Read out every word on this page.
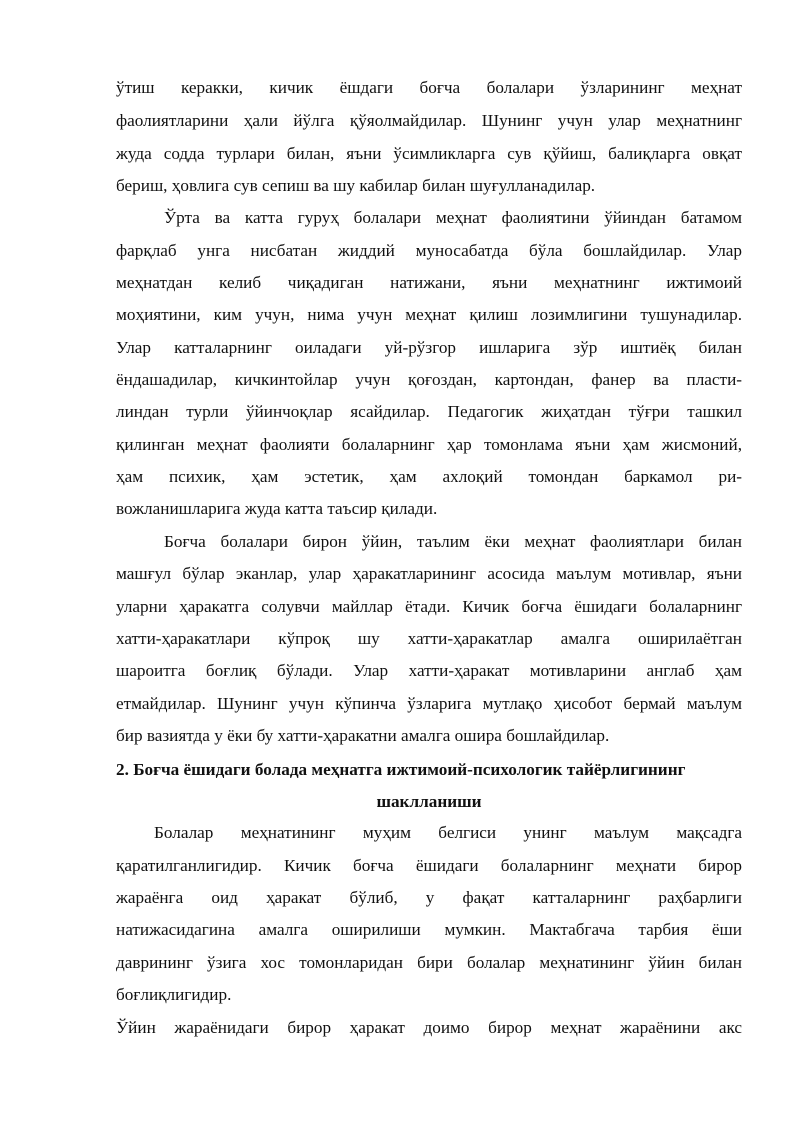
ўтиш керакки, кичик ёшдаги боғча болалари ўзларининг меҳнат
фаолиятларини ҳали йўлга қўяолмайдилар. Шунинг учун улар меҳнатнинг
жуда содда турлари билан, яъни ўсимликларга сув қўйиш, балиқларга овқат
бериш, ҳовлига сув сепиш ва шу кабилар билан шуғулланадилар.
Ўрта ва катта гуруҳ болалари меҳнат фаолиятини ўйиндан батамом
фарқлаб унга нисбатан жиддий муносабатда бўла бошлайдилар. Улар
меҳнатдан келиб чиқадиган натижани, яъни меҳнатнинг ижтимоий
моҳиятини, ким учун, нима учун меҳнат қилиш лозимлигини тушунадилар.
Улар катталарнинг оиладаги уй-рўзгор ишларига зўр иштиёқ билан
ёндашадилар, кичкинтойлар учун қоғоздан, картондан, фанер ва пласти-
линдан турли ўйинчоқлар ясайдилар. Педагогик жиҳатдан тўғри ташкил
қилинган меҳнат фаолияти болаларнинг ҳар томонлама яъни ҳам жисмоний,
ҳам психик, ҳам эстетик, ҳам ахлоқий томондан баркамол ри-
вожланишларига жуда катта таъсир қилади.
Боғча болалари бирон ўйин, таълим ёки меҳнат фаолиятлари билан
машғул бўлар эканлар, улар ҳаракатларининг асосида маълум мотивлар, яъни
уларни ҳаракатга солувчи майллар ётади. Кичик боғча ёшидаги болаларнинг
хатти-ҳаракатлари кўпроқ шу хатти-ҳаракатлар амалга оширилаётган
шароитга боғлиқ бўлади. Улар хатти-ҳаракат мотивларини англаб ҳам
етмайдилар. Шунинг учун кўпинча ўзларига мутлақо ҳисобот бермай маълум
бир вазиятда у ёки бу хатти-ҳаракатни амалга ошира бошлайдилар.
2. Боғча ёшидаги болада меҳнатга ижтимоий-психологик тайёрлигининг
шаклланиши
Болалар меҳнатининг муҳим белгиси унинг маълум мақсадга
қаратилганлигидир. Кичик боғча ёшидаги болаларнинг меҳнати бирор
жараёнга оид ҳаракат бўлиб, у фақат катталарнинг раҳбарлиги
натижасидагина амалга оширилиши мумкин. Мактабгача тарбия ёши
даврининг ўзига хос томонларидан бири болалар меҳнатининг ўйин билан
боғлиқлигидир.
Ўйин жараёнидаги бирор ҳаракат доимо бирор меҳнат жараёнини акс
